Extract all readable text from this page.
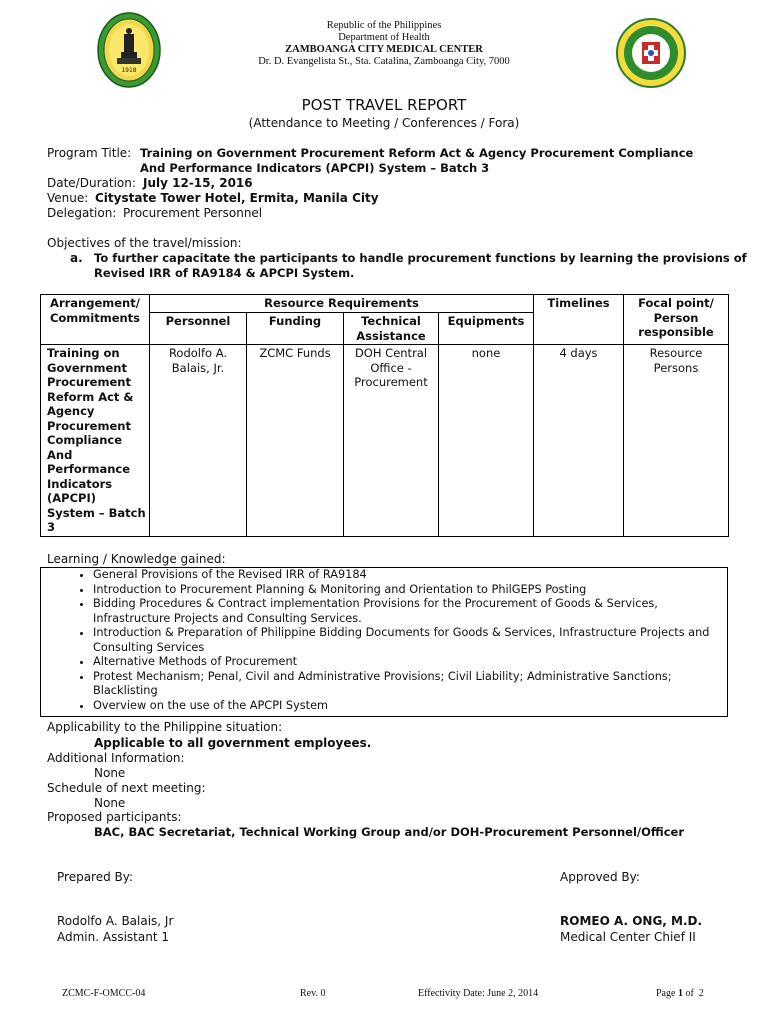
1918
Republic of the Philippines
Department of Health
ZAMBOANGA CITY MEDICAL CENTER
Dr. D. Evangelista St., Sta. Catalina, Zamboanga City, 7000
POST TRAVEL REPORT
(Attendance to Meeting / Conferences / Fora)
Program Title: Training on Government Procurement Reform Act & Agency Procurement Compliance
And Performance Indicators (APCPI) System – Batch 3
Date/Duration: July 12-15, 2016
Venue: Citystate Tower Hotel, Ermita, Manila City
Delegation: Procurement Personnel
Objectives of the travel/mission:
a. To further capacitate the participants to handle procurement functions by learning the provisions of
Revised IRR of RA9184 & APCPI System.
Arrangement/ Commitments	Resource Requirements				Timelines	Focal point/ Person responsible
	Personnel	Funding	Technical Assistance	Equipments		
Training on Government Procurement Reform Act & Agency Procurement Compliance And Performance Indicators (APCPI) System – Batch 3	Rodolfo A. Balais, Jr.	ZCMC Funds	DOH Central Office - Procurement	none	4 days	Resource Persons
Learning / Knowledge gained:
• General Provisions of the Revised IRR of RA9184
• Introduction to Procurement Planning & Monitoring and Orientation to PhilGEPS Posting
• Bidding Procedures & Contract implementation Provisions for the Procurement of Goods & Services, Infrastructure Projects and Consulting Services.
• Introduction & Preparation of Philippine Bidding Documents for Goods & Services, Infrastructure Projects and Consulting Services
• Alternative Methods of Procurement
• Protest Mechanism; Penal, Civil and Administrative Provisions; Civil Liability; Administrative Sanctions; Blacklisting
• Overview on the use of the APCPI System
Applicability to the Philippine situation:
Applicable to all government employees.
Additional Information:
None
Schedule of next meeting:
None
Proposed participants:
BAC, BAC Secretariat, Technical Working Group and/or DOH-Procurement Personnel/Officer
Prepared By:	Approved By:
Rodolfo A. Balais, Jr
Admin. Assistant 1
ROMEO A. ONG, M.D.
Medical Center Chief II
ZCMC-F-OMCC-04	Rev. 0	Effectivity Date: June 2, 2014	Page 1 of 2
